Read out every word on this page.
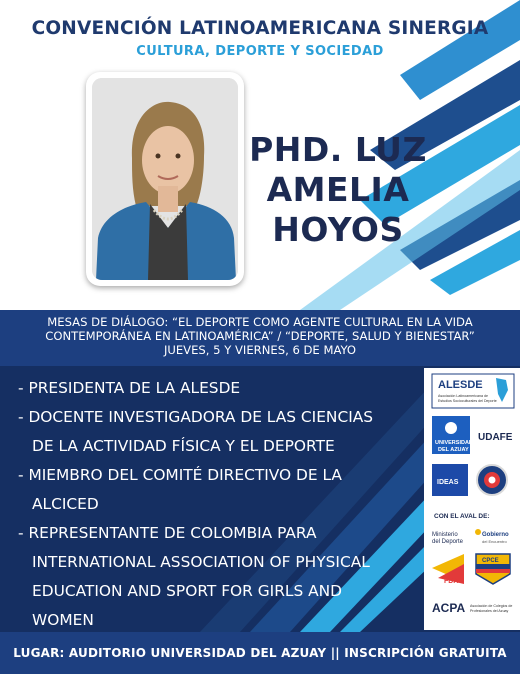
CONVENCIÓN LATINOAMERICANA SINERGIA
CULTURA, DEPORTE Y SOCIEDAD
PHD. LUZ
AMELIA
HOYOS
MESAS DE DIÁLOGO: “EL DEPORTE COMO AGENTE CULTURAL EN LA VIDA
CONTEMPORÁNEA EN LATINOAMÉRICA” / “DEPORTE, SALUD Y BIENESTAR”
JUEVES, 5 Y VIERNES, 6 DE MAYO
- PRESIDENTA DE LA ALESDE
- DOCENTE INVESTIGADORA DE LAS CIENCIAS
DE LA ACTIVIDAD FÍSICA Y EL DEPORTE
- MIEMBRO DEL COMITÉ DIRECTIVO DE LA
ALCICED
- REPRESENTANTE DE COLOMBIA PARA
INTERNATIONAL ASSOCIATION OF PHYSICAL
EDUCATION AND SPORT FOR GIRLS AND
WOMEN
ALESDE
Asociación Latinoamericana de
Estudios Socioculturales del Deporte
UNIVERSIDAD
DEL AZUAY
UDAFE
IDEAS
CON EL AVAL DE:
Ministerio
del Deporte
Gobierno
del Encuentro
FDA
CPCE
ACPA Asociación de Colegios de
Profesionales del Azuay
LUGAR: AUDITORIO UNIVERSIDAD DEL AZUAY || INSCRIPCIÓN GRATUITA
